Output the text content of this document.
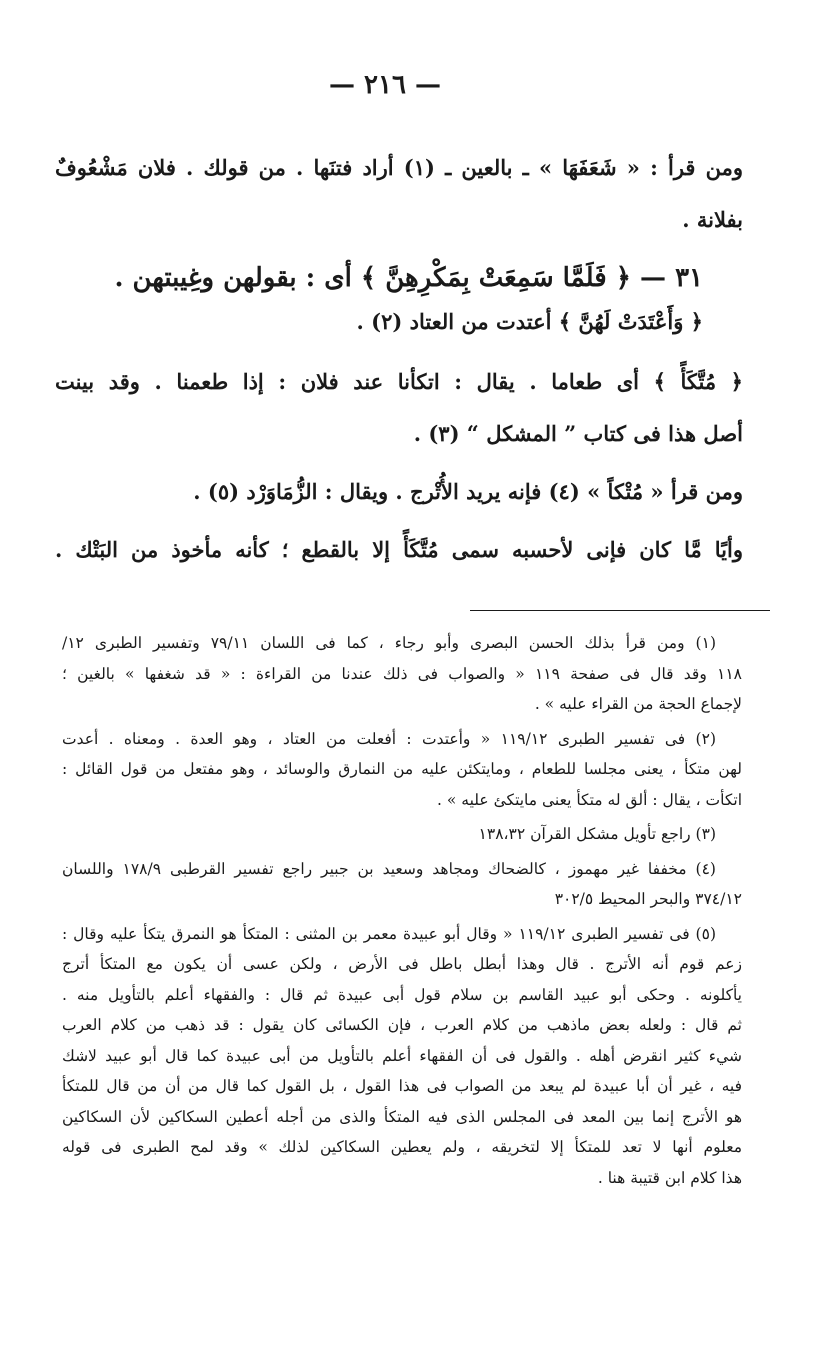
— ٢١٦ —
ومن قرأ : « شَعَفَهَا » ـ بالعين ـ (١) أراد فتنَها . من قولك . فلان مَشْعُوفٌ
بفلانة .
٣١ — ﴿ فَلَمَّا سَمِعَتْ بِمَكْرِهِنَّ ﴾ أى : بقولهن وغِيبتهن .
﴿ وَأَعْتَدَتْ لَهُنَّ ﴾ أعتدت من العتاد (٢) .
﴿ مُتَّكَأً ﴾ أى طعاما . يقال : اتكأنا عند فلان : إذا طعمنا . وقد بينت
أصل هذا فى كتاب ” المشكل “ (٣) .
ومن قرأ « مُتْكاً » (٤) فإنه يريد الأُتْرج . ويقال : الزُّمَاوَرْد (٥) .
وأيًا مَّا كان فإنى لأحسبه سمى مُتَّكَأً إلا بالقطع ؛ كأنه مأخوذ من البَتْك .
(١) ومن قرأ بذلك الحسن البصرى وأبو رجاء ، كما فى اللسان ٧٩/١١ وتفسير الطبرى ١٢/
١١٨ وقد قال فى صفحة ١١٩ « والصواب فى ذلك عندنا من القراءة : « قد شغفها » بالغين ؛
لإجماع الحجة من القراء عليه » .
(٢) فى تفسير الطبرى ١١٩/١٢ « وأعتدت : أفعلت من العتاد ، وهو العدة . ومعناه . أعدت
لهن متكأ ، يعنى مجلسا للطعام ، ومايتكئن عليه من النمارق والوسائد ، وهو مفتعل من قول القائل :
اتكأت ، يقال : ألق له متكأ يعنى مايتكئ عليه » .
(٣) راجع تأويل مشكل القرآن ١٣٨،٣٢
(٤) مخففا غير مهموز ، كالضحاك ومجاهد وسعيد بن جبير راجع تفسير القرطبى ١٧٨/٩ واللسان
٣٧٤/١٢ والبحر المحيط ٣٠٢/٥
(٥) فى تفسير الطبرى ١١٩/١٢ « وقال أبو عبيدة معمر بن المثنى : المتكأ هو النمرق يتكأ عليه وقال :
زعم قوم أنه الأترج . قال وهذا أبطل باطل فى الأرض ، ولكن عسى أن يكون مع المتكأ أترج
يأكلونه . وحكى أبو عبيد القاسم بن سلام قول أبى عبيدة ثم قال : والفقهاء أعلم بالتأويل منه .
ثم قال : ولعله بعض ماذهب من كلام العرب ، فإن الكسائى كان يقول : قد ذهب من كلام العرب
شيء كثير انقرض أهله . والقول فى أن الفقهاء أعلم بالتأويل من أبى عبيدة كما قال أبو عبيد لاشك
فيه ، غير أن أبا عبيدة لم يبعد من الصواب فى هذا القول ، بل القول كما قال من أن من قال للمتكأ
هو الأترج إنما بين المعد فى المجلس الذى فيه المتكأ والذى من أجله أعطين السكاكين لأن السكاكين
معلوم أنها لا تعد للمتكأ إلا لتخريقه ، ولم يعطين السكاكين لذلك » وقد لمح الطبرى فى قوله
هذا كلام ابن قتيبة هنا .
